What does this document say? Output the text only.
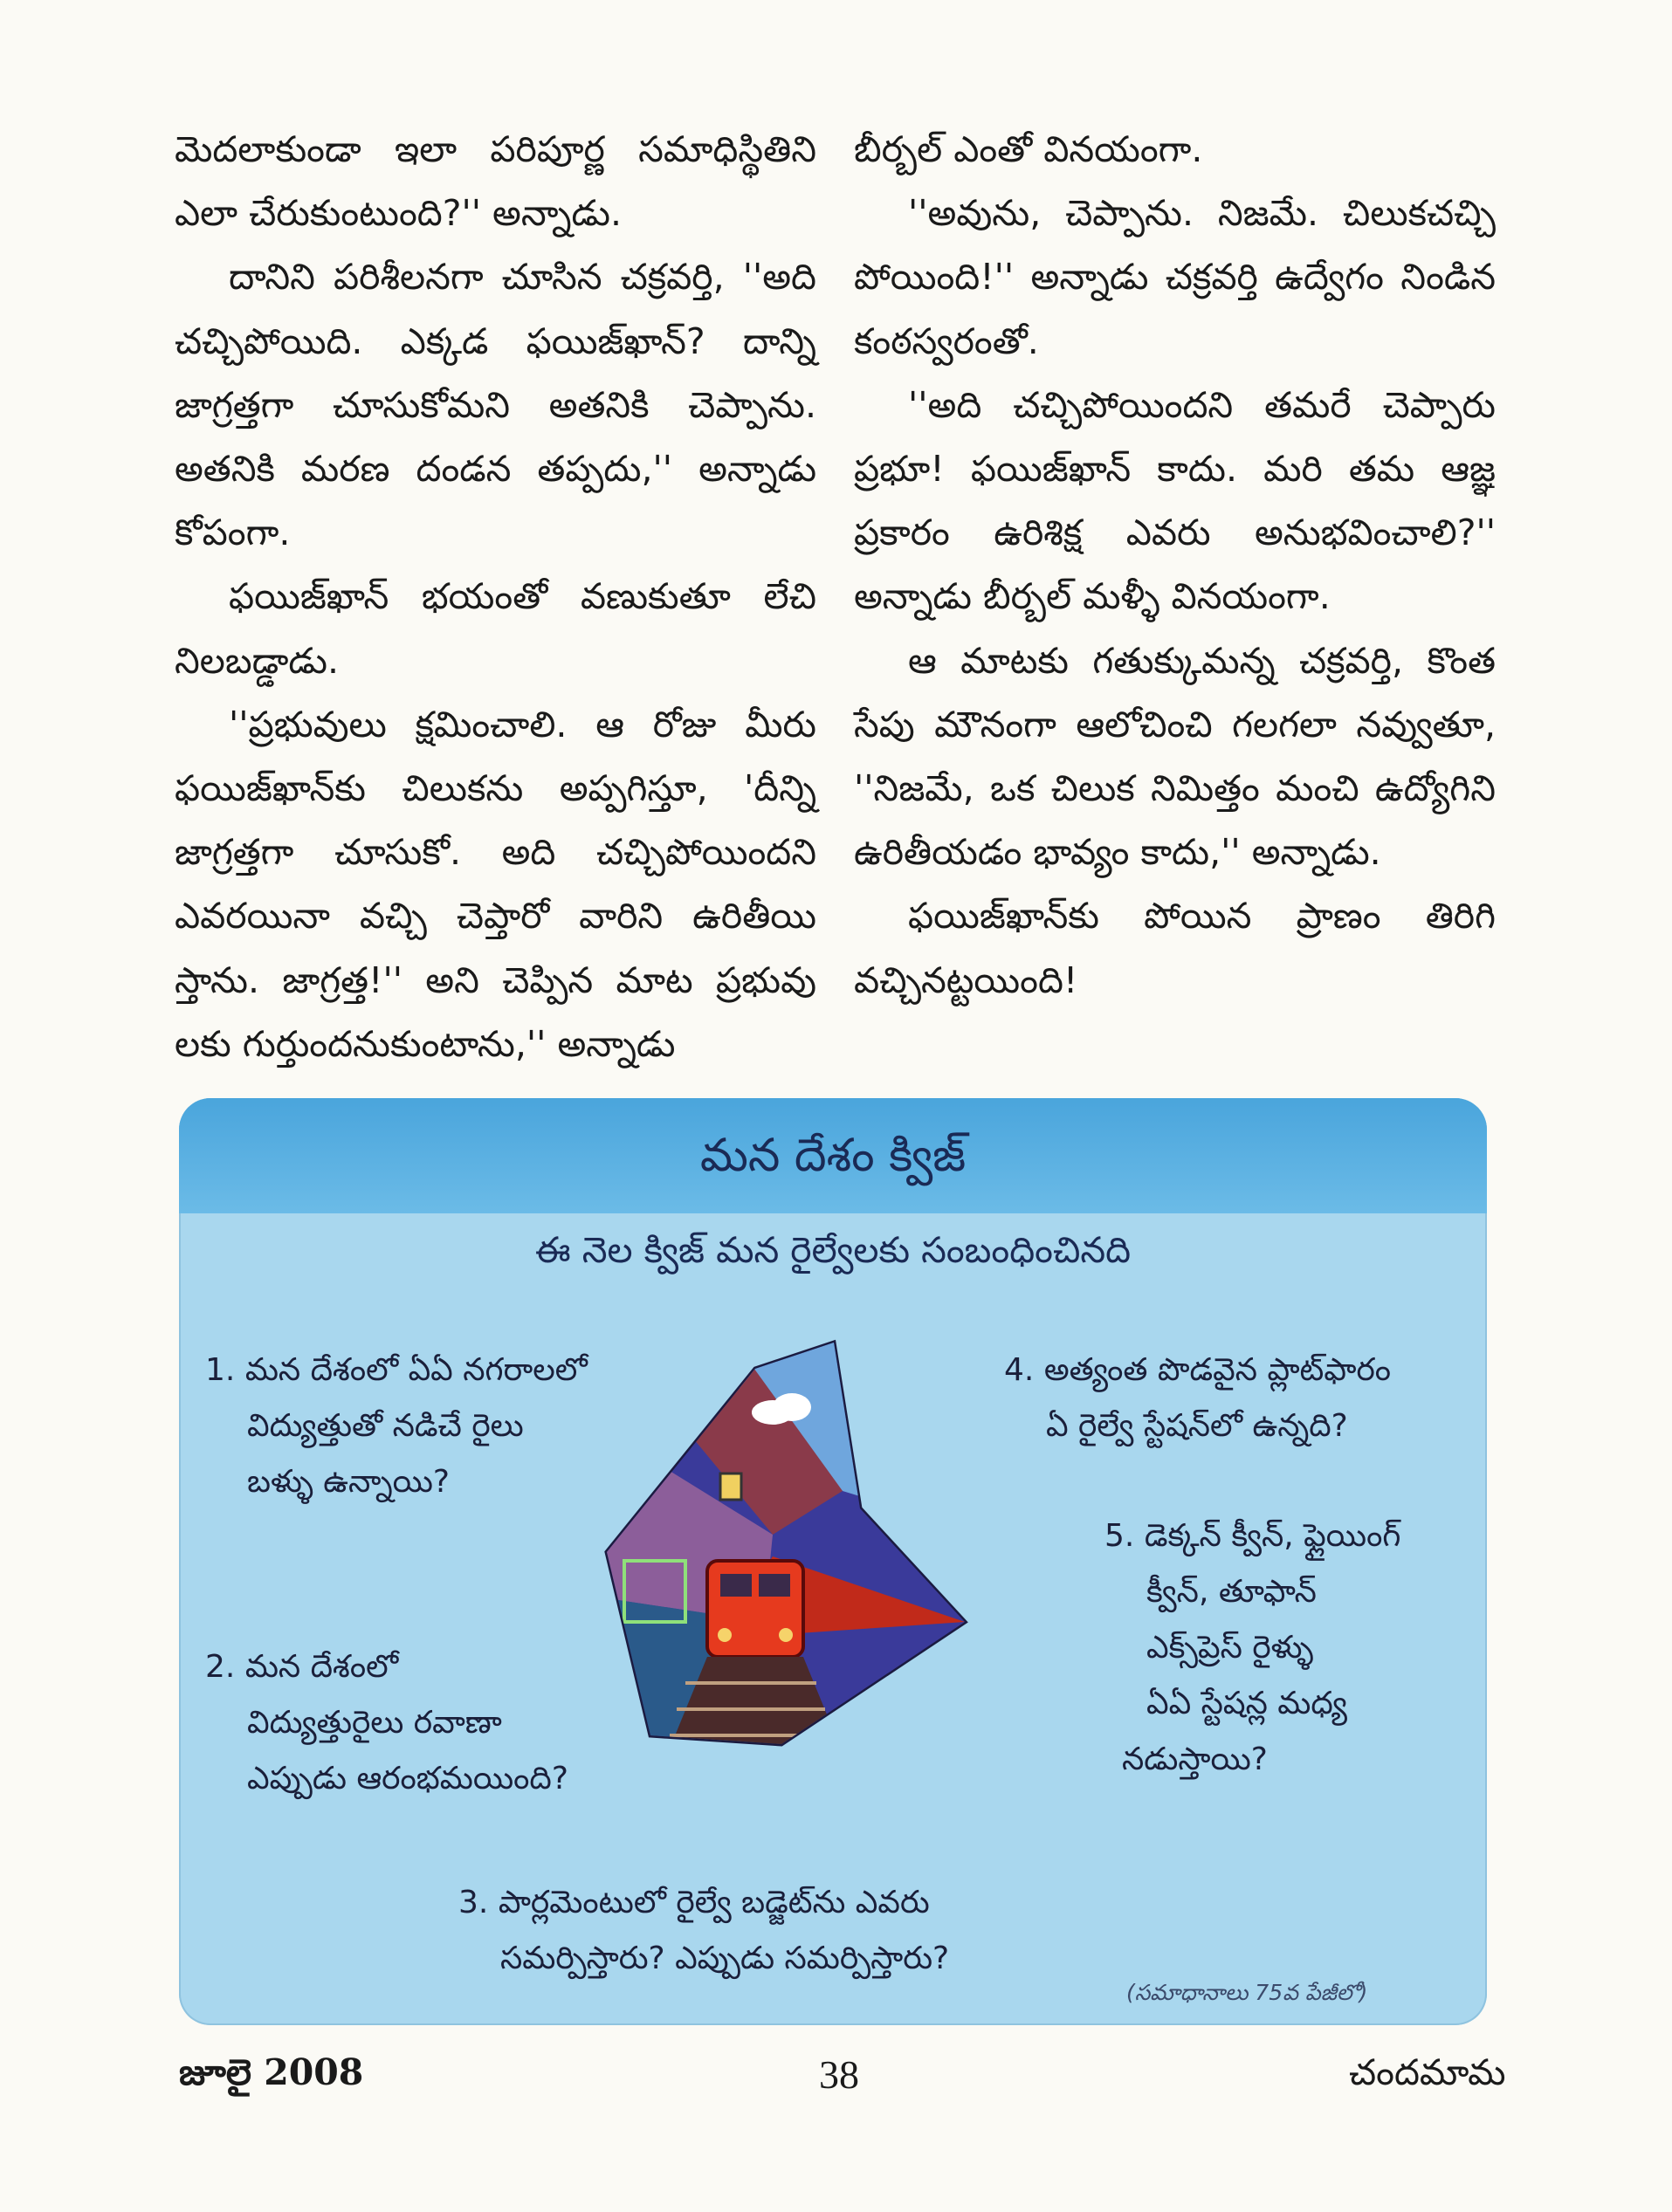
మెదలాకుండా ఇలా పరిపూర్ణ సమాధిస్థితిని ఎలా చేరుకుంటుంది?'' అన్నాడు.

దానిని పరిశీలనగా చూసిన చక్రవర్తి, ''అది చచ్చిపోయిది. ఎక్కడ ఫయిజ్‌ఖాన్? దాన్ని జాగ్రత్తగా చూసుకోమని అతనికి చెప్పాను. అతనికి మరణ దండన తప్పదు,'' అన్నాడు కోపంగా.

ఫయిజ్‌ఖాన్ భయంతో వణుకుతూ లేచి నిలబడ్డాడు.

''ప్రభువులు క్షమించాలి. ఆ రోజు మీరు ఫయిజ్‌ఖాన్‌కు చిలుకను అప్పగిస్తూ, 'దీన్ని జాగ్రత్తగా చూసుకో. అది చచ్చిపోయిందని ఎవరయినా వచ్చి చెప్తారో వారిని ఉరితీయి స్తాను. జాగ్రత్త!'' అని చెప్పిన మాట ప్రభువు లకు గుర్తుందనుకుంటాను,'' అన్నాడు

బీర్బల్ ఎంతో వినయంగా.

''అవును, చెప్పాను. నిజమే. చిలుకచచ్చి పోయింది!'' అన్నాడు చక్రవర్తి ఉద్వేగం నిండిన కంఠస్వరంతో.

''అది చచ్చిపోయిందని తమరే చెప్పారు ప్రభూ! ఫయిజ్‌ఖాన్ కాదు. మరి తమ ఆజ్ఞ ప్రకారం ఉరిశిక్ష ఎవరు అనుభవించాలి?'' అన్నాడు బీర్బల్ మళ్ళీ వినయంగా.

ఆ మాటకు గతుక్కుమన్న చక్రవర్తి, కొంత సేపు మౌనంగా ఆలోచించి గలగలా నవ్వుతూ, ''నిజమే, ఒక చిలుక నిమిత్తం మంచి ఉద్యోగిని ఉరితీయడం భావ్యం కాదు,'' అన్నాడు.

ఫయిజ్‌ఖాన్‌కు పోయిన ప్రాణం తిరిగి వచ్చినట్టయింది!

మన దేశం క్విజ్
ఈ నెల క్విజ్ మన రైల్వేలకు సంబంధించినది
1. మన దేశంలో ఏఏ నగరాలలో
విద్యుత్తుతో నడిచే రైలు
బళ్ళు ఉన్నాయి?
2. మన దేశంలో
విద్యుత్తురైలు రవాణా
ఎప్పుడు ఆరంభమయింది?
3. పార్లమెంటులో రైల్వే బడ్జెట్‌ను ఎవరు
సమర్పిస్తారు? ఎప్పుడు సమర్పిస్తారు?
4. అత్యంత పొడవైన ప్లాట్‌ఫారం
ఏ రైల్వే స్టేషన్‌లో ఉన్నది?
5. డెక్కన్ క్వీన్, ఫ్లైయింగ్
క్వీన్, తూఫాన్
ఎక్స్‌ప్రెస్ రైళ్ళు
ఏఏ స్టేషన్ల మధ్య
నడుస్తాయి?
(సమాధానాలు 75వ పేజీలో)
జూలై 2008	38	చందమామ
